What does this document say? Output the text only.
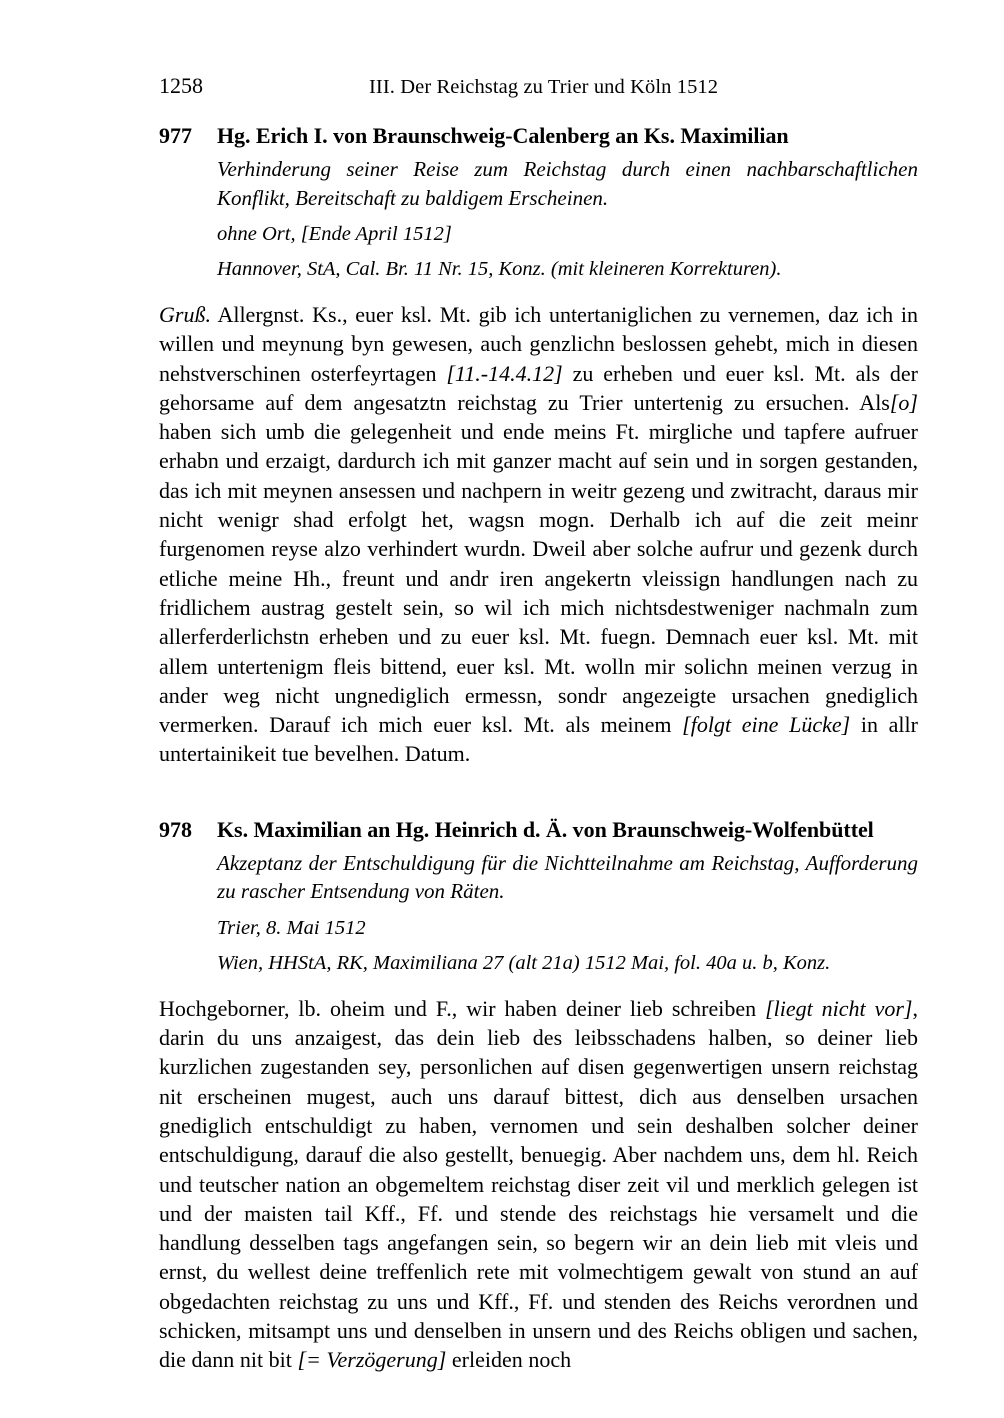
1258	III. Der Reichstag zu Trier und Köln 1512
977	Hg. Erich I. von Braunschweig-Calenberg an Ks. Maximilian
Verhinderung seiner Reise zum Reichstag durch einen nachbarschaftlichen Konflikt, Bereitschaft zu baldigem Erscheinen.
ohne Ort, [Ende April 1512]
Hannover, StA, Cal. Br. 11 Nr. 15, Konz. (mit kleineren Korrekturen).
Gruß. Allergnst. Ks., euer ksl. Mt. gib ich untertaniglichen zu vernemen, daz ich in willen und meynung byn gewesen, auch genzlichn beslossen gehebt, mich in diesen nehstverschinen osterfeyrtagen [11.-14.4.12] zu erheben und euer ksl. Mt. als der gehorsame auf dem angesatztn reichstag zu Trier untertenig zu ersuchen. Als[o] haben sich umb die gelegenheit und ende meins Ft. mirgliche und tapfere aufruer erhabn und erzaigt, dardurch ich mit ganzer macht auf sein und in sorgen gestanden, das ich mit meynen ansessen und nachpern in weitr gezeng und zwitracht, daraus mir nicht wenigr shad erfolgt het, wagsn mogn. Derhalb ich auf die zeit meinr furgenomen reyse alzo verhindert wurdn. Dweil aber solche aufrur und gezenk durch etliche meine Hh., freunt und andr iren angekertn vleissign handlungen nach zu fridlichem austrag gestelt sein, so wil ich mich nichtsdestweniger nachmaln zum allerferderlichstn erheben und zu euer ksl. Mt. fuegn. Demnach euer ksl. Mt. mit allem untertenigm fleis bittend, euer ksl. Mt. wolln mir solichn meinen verzug in ander weg nicht ungnediglich ermessn, sondr angezeigte ursachen gnediglich vermerken. Darauf ich mich euer ksl. Mt. als meinem [folgt eine Lücke] in allr untertainikeit tue bevelhen. Datum.
978	Ks. Maximilian an Hg. Heinrich d. Ä. von Braunschweig-Wolfenbüttel
Akzeptanz der Entschuldigung für die Nichtteilnahme am Reichstag, Aufforderung zu rascher Entsendung von Räten.
Trier, 8. Mai 1512
Wien, HHStA, RK, Maximiliana 27 (alt 21a) 1512 Mai, fol. 40a u. b, Konz.
Hochgeborner, lb. oheim und F., wir haben deiner lieb schreiben [liegt nicht vor], darin du uns anzaigest, das dein lieb des leibsschadens halben, so deiner lieb kurzlichen zugestanden sey, personlichen auf disen gegenwertigen unsern reichstag nit erscheinen mugest, auch uns darauf bittest, dich aus denselben ursachen gnediglich entschuldigt zu haben, vernomen und sein deshalben solcher deiner entschuldigung, darauf die also gestellt, benuegig. Aber nachdem uns, dem hl. Reich und teutscher nation an obgemeltem reichstag diser zeit vil und merklich gelegen ist und der maisten tail Kff., Ff. und stende des reichstags hie versamelt und die handlung desselben tags angefangen sein, so begern wir an dein lieb mit vleis und ernst, du wellest deine treffenlich rete mit volmechtigem gewalt von stund an auf obgedachten reichstag zu uns und Kff., Ff. und stenden des Reichs verordnen und schicken, mitsampt uns und denselben in unsern und des Reichs obligen und sachen, die dann nit bit [= Verzögerung] erleiden noch
